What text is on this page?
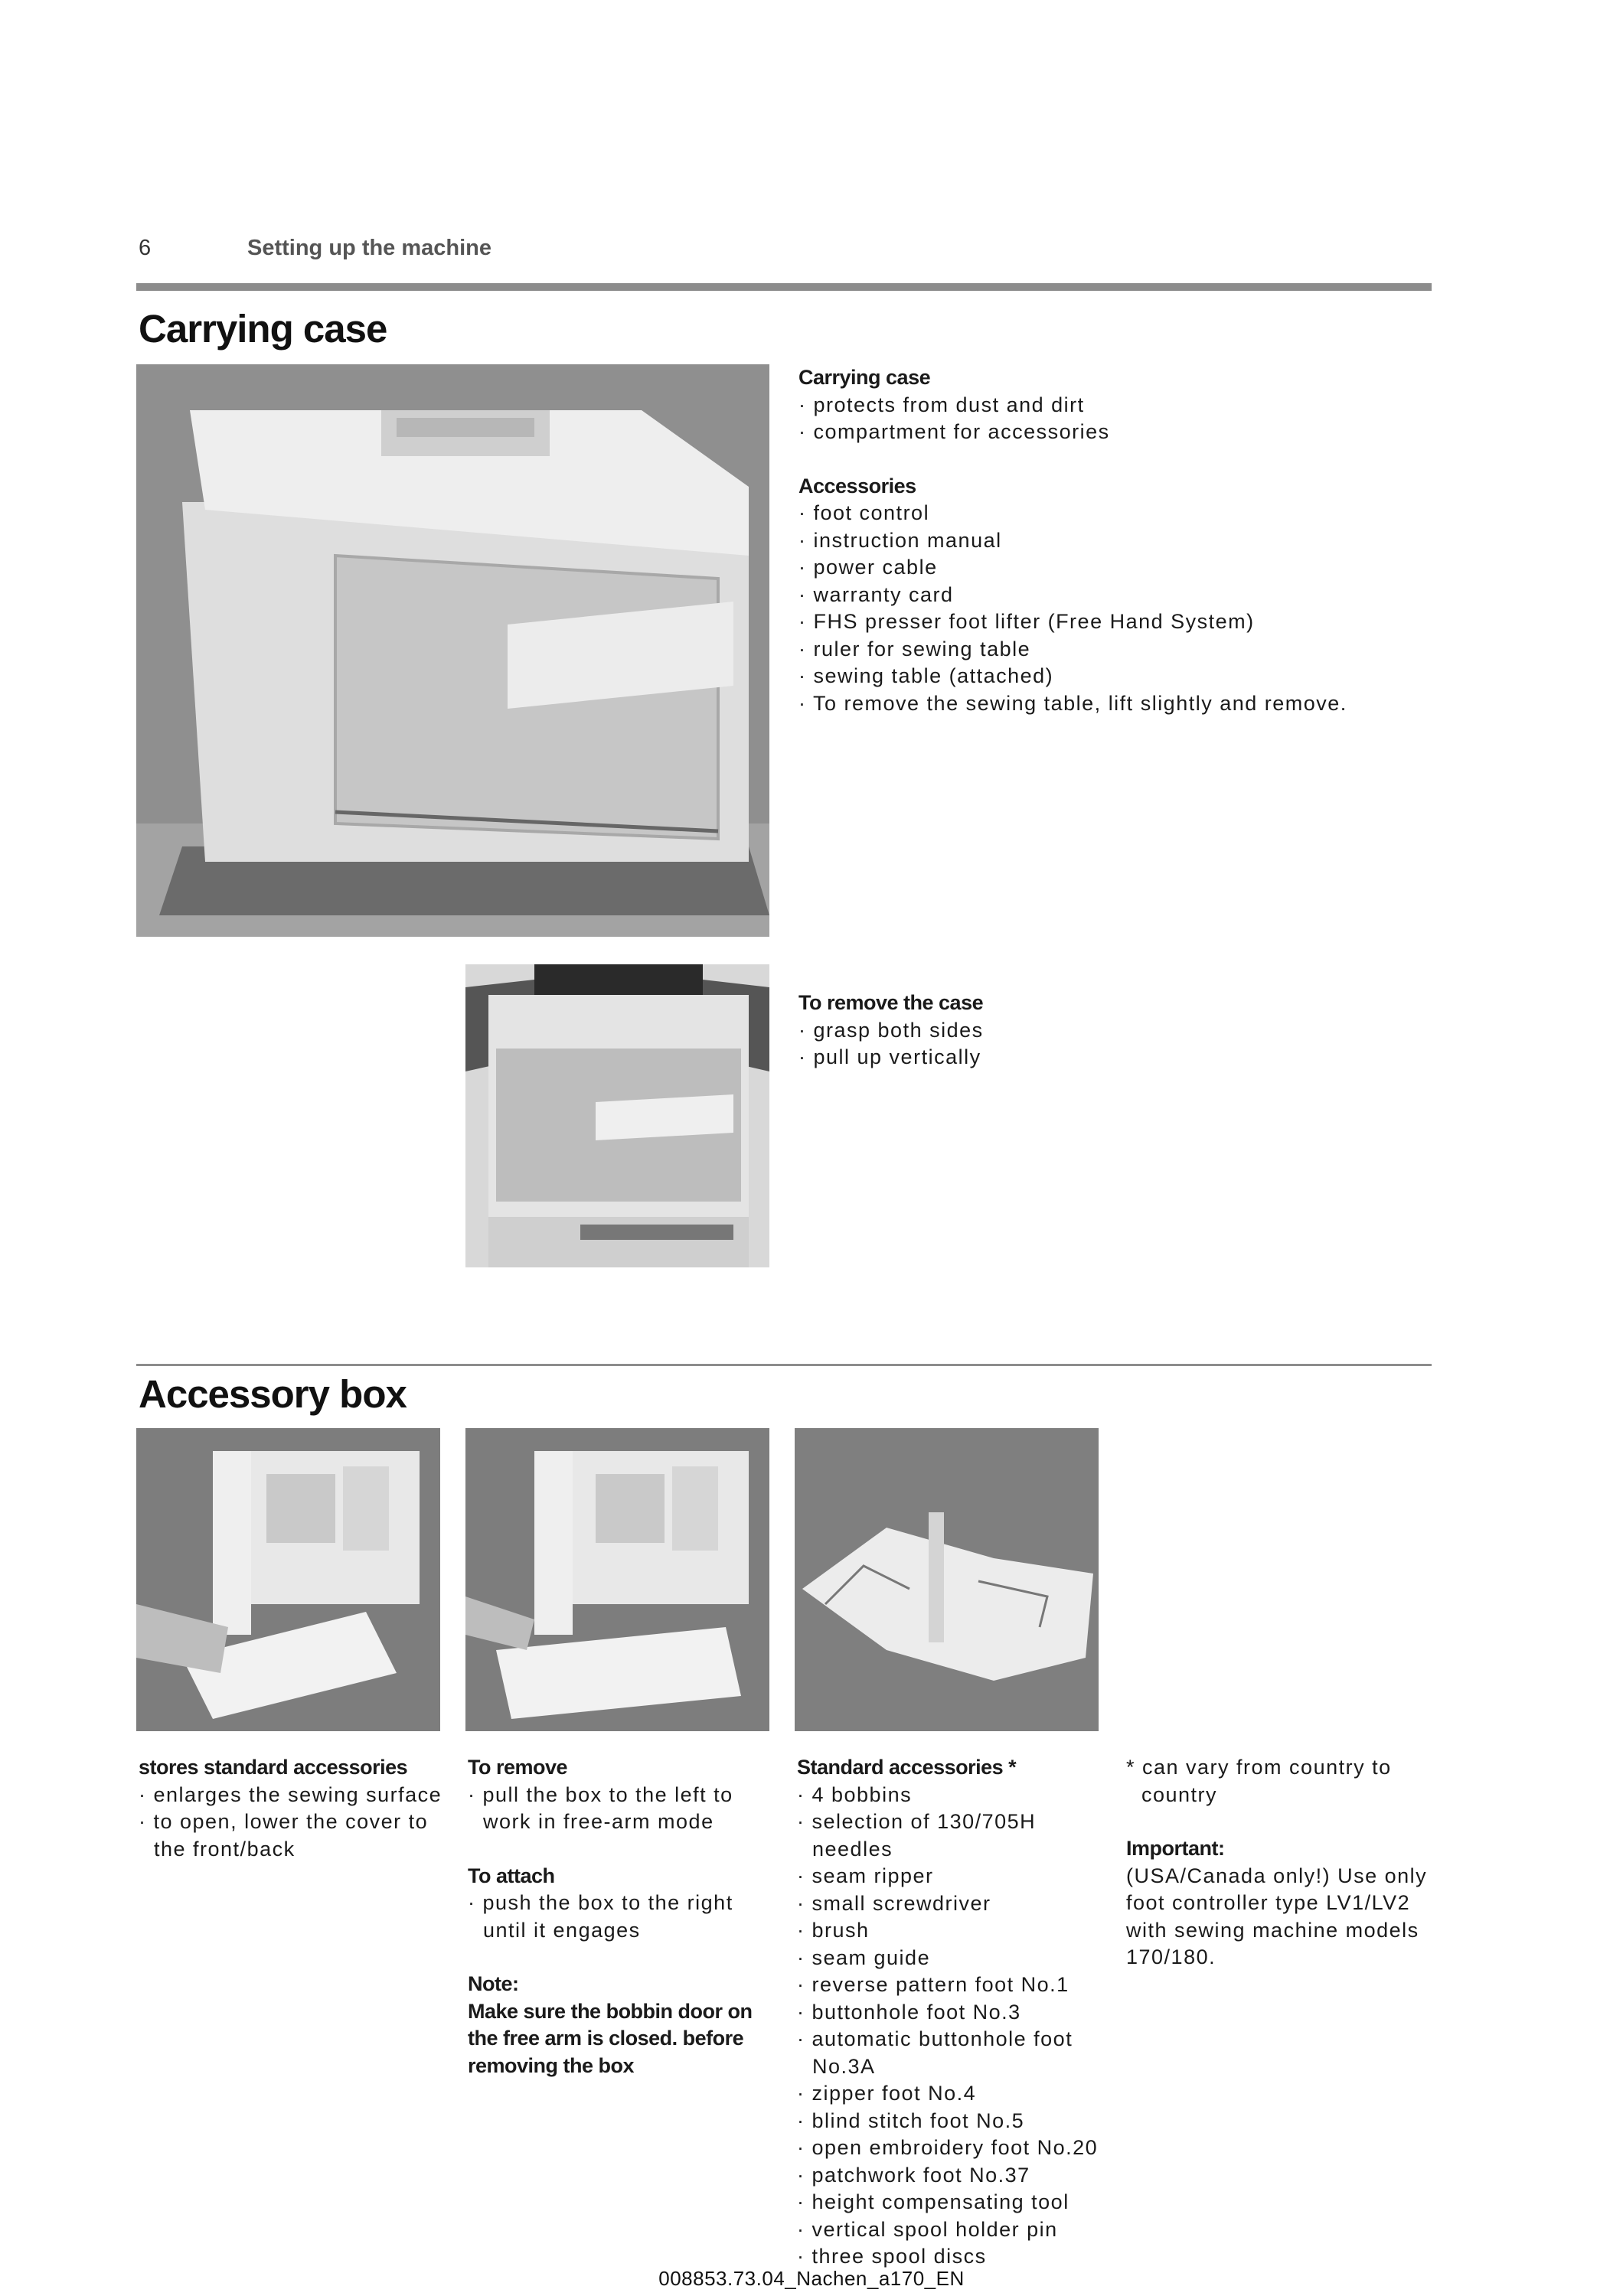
6	Setting up the machine
Carrying case
Carrying case
· protects from dust and dirt
· compartment for accessories
Accessories
· foot control
· instruction manual
· power cable
· warranty card
· FHS presser foot lifter (Free Hand System)
· ruler for sewing table
· sewing table (attached)
· To remove the sewing table, lift slightly and remove.
To remove the case
· grasp both sides
· pull up vertically
Accessory box
stores standard accessories
· enlarges the sewing surface
· to open, lower the cover to the front/back
To remove
· pull the box to the left to work in free-arm mode
To attach
· push the box to the right until it engages
Note:
Make sure the bobbin door on the free arm is closed. before removing the box
Standard accessories *
· 4 bobbins
· selection of 130/705H needles
· seam ripper
· small screwdriver
· brush
· seam guide
· reverse pattern foot No.1
· buttonhole foot No.3
· automatic buttonhole foot No.3A
· zipper foot No.4
· blind stitch foot No.5
· open embroidery foot No.20
· patchwork foot No.37
· height compensating tool
· vertical spool holder pin
· three spool discs
* can vary from country to country
Important:
(USA/Canada only!) Use only foot controller type LV1/LV2 with sewing machine models 170/180.
008853.73.04_Nachen_a170_EN
